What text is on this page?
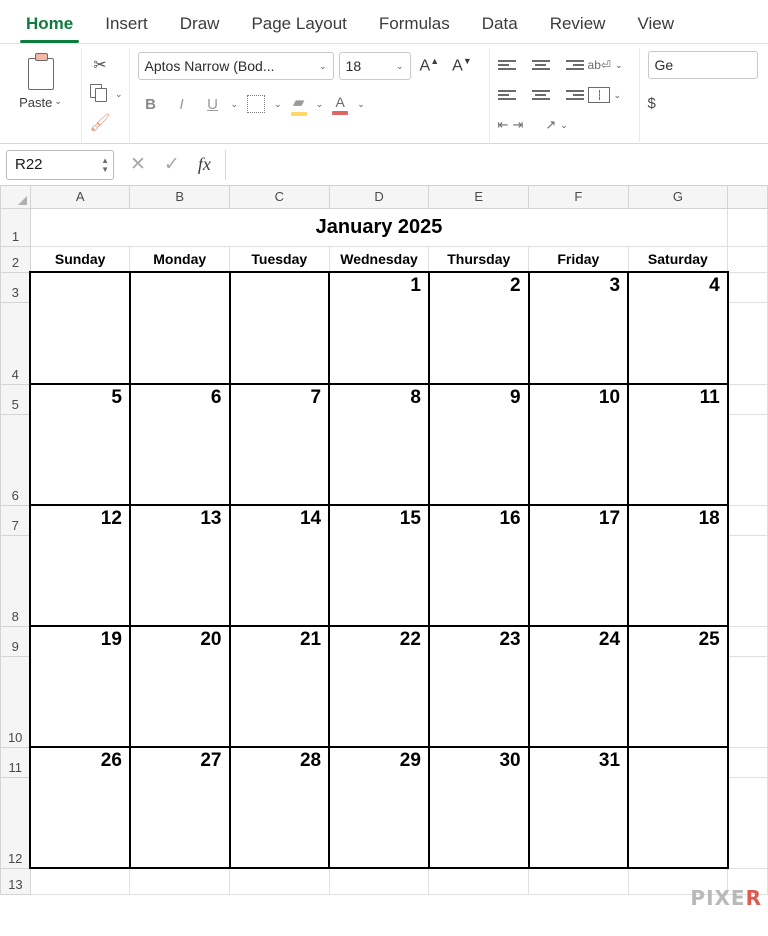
Home	Insert	Draw	Page Layout	Formulas	Data	Review	View
Paste ⌄
✂
⌄
🖌
Aptos Narrow (Bod...	⌄ 18	⌄ A▲ A▼
B I U ⌄	⌄ ▰ ⌄ A ⌄
ab⏎ ⌄
⌄
⇤ ⇥ ↗ ⌄
Ge
$
R22	▲
▼ ✕ ✓ fx
	A	B	C	D	E	F	G	
1	January 2025							
2	Sunday	Monday	Tuesday	Wednesday	Thursday	Friday	Saturday	
3				1	2	3	4	
4								
5	5	6	7	8	9	10	11	
6								
7	12	13	14	15	16	17	18	
8								
9	19	20	21	22	23	24	25	
10								
11	26	27	28	29	30	31		
12								
13								
PIXER
